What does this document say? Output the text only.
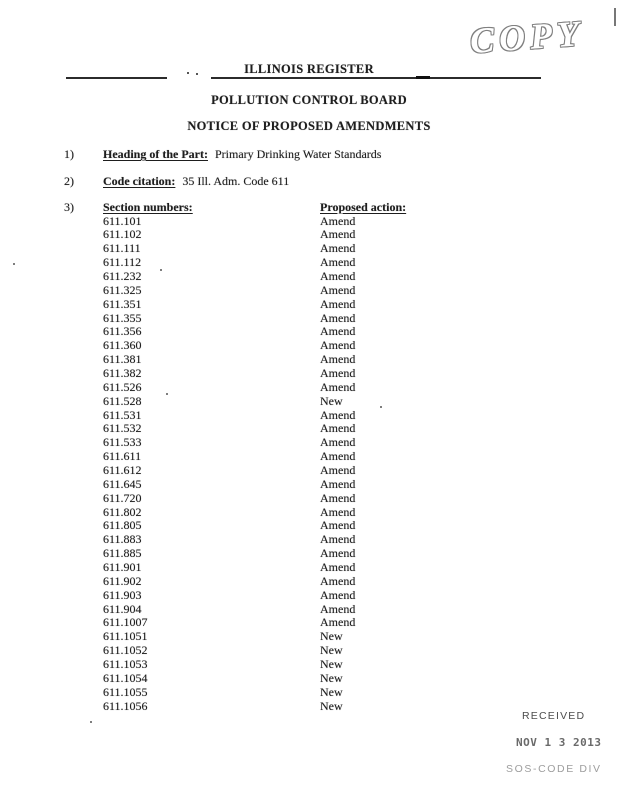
COPY
ILLINOIS REGISTER
POLLUTION CONTROL BOARD
NOTICE OF PROPOSED AMENDMENTS
1) Heading of the Part: Primary Drinking Water Standards
2) Code citation: 35 Ill. Adm. Code 611
3) Section numbers:	Proposed action:
611.101	Amend
611.102	Amend
611.111	Amend
611.112	Amend
611.232	Amend
611.325	Amend
611.351	Amend
611.355	Amend
611.356	Amend
611.360	Amend
611.381	Amend
611.382	Amend
611.526	Amend
611.528	New
611.531	Amend
611.532	Amend
611.533	Amend
611.611	Amend
611.612	Amend
611.645	Amend
611.720	Amend
611.802	Amend
611.805	Amend
611.883	Amend
611.885	Amend
611.901	Amend
611.902	Amend
611.903	Amend
611.904	Amend
611.1007	Amend
611.1051	New
611.1052	New
611.1053	New
611.1054	New
611.1055	New
611.1056	New
RECEIVED
NOV 1 3 2013
SOS-CODE DIV
